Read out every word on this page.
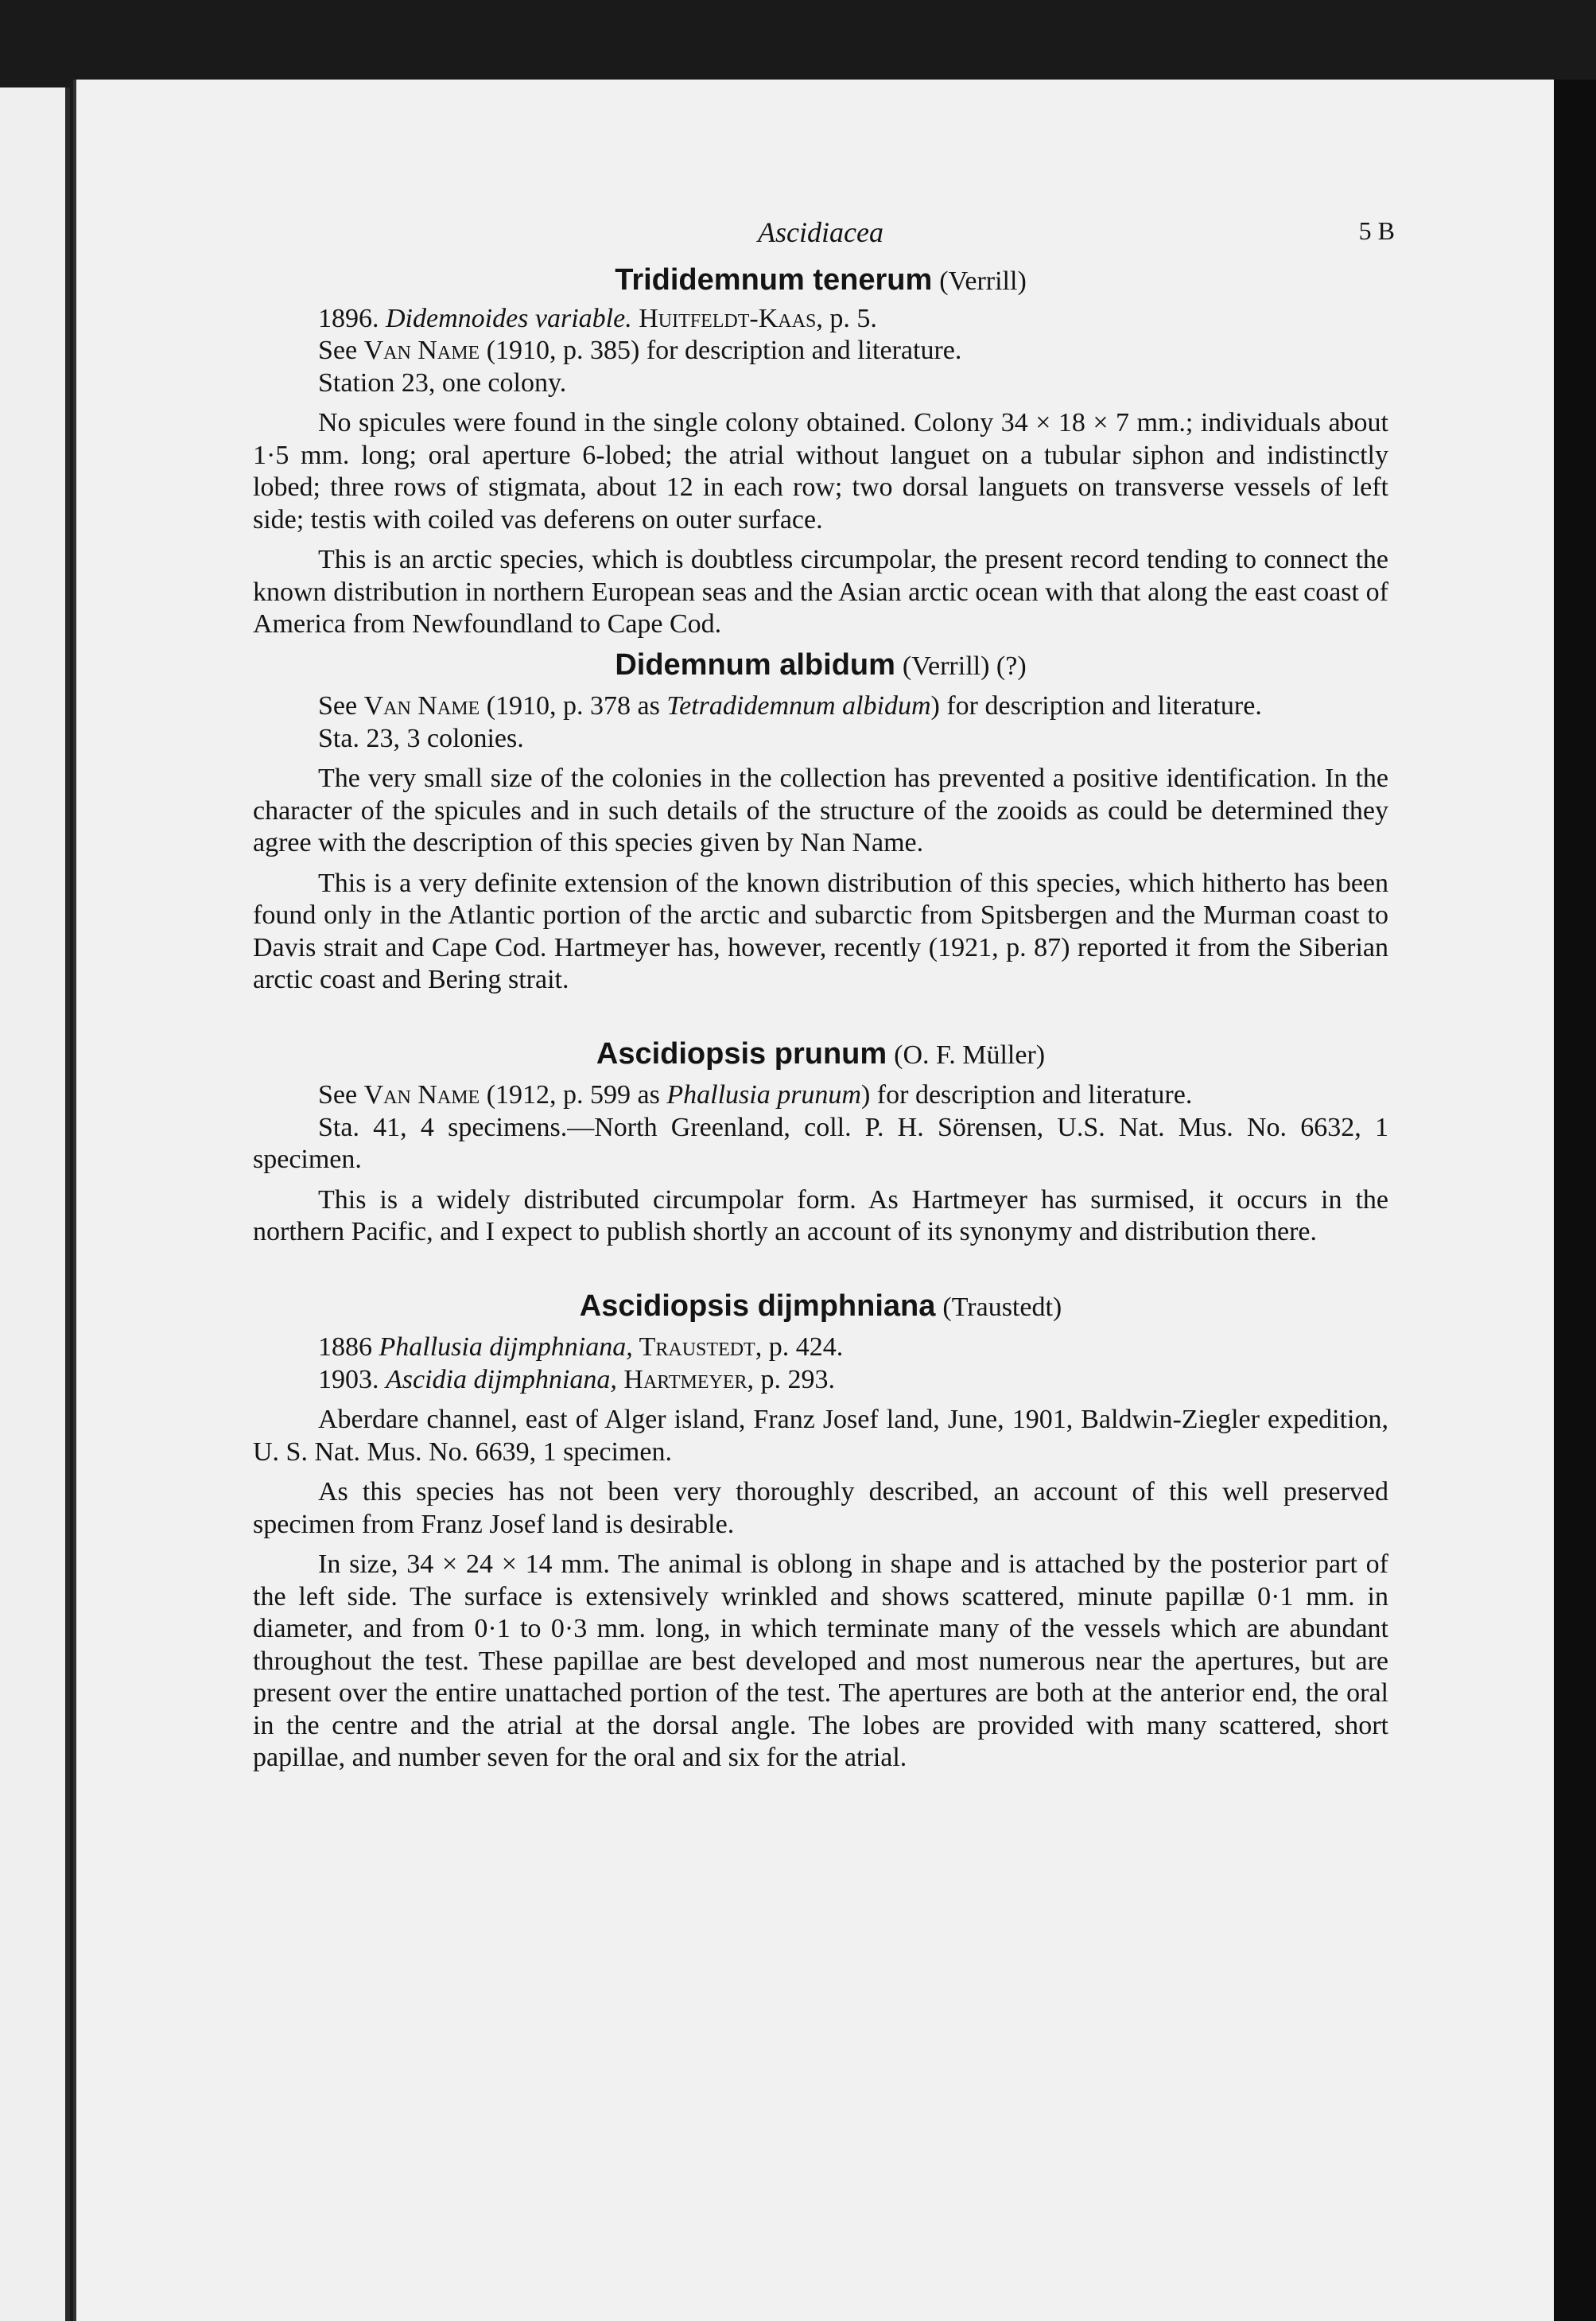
Ascidiacea	5 B
Trididemnum tenerum (Verrill)

1896. Didemnoides variable. Huitfeldt-Kaas, p. 5.

See Van Name (1910, p. 385) for description and literature.

Station 23, one colony.

No spicules were found in the single colony obtained. Colony 34 × 18 × 7 mm.; individuals about 1·5 mm. long; oral aperture 6-lobed; the atrial without languet on a tubular siphon and indistinctly lobed; three rows of stigmata, about 12 in each row; two dorsal languets on transverse vessels of left side; testis with coiled vas deferens on outer surface.

This is an arctic species, which is doubtless circumpolar, the present record tending to connect the known distribution in northern European seas and the Asian arctic ocean with that along the east coast of America from Newfoundland to Cape Cod.

Didemnum albidum (Verrill) (?)

See Van Name (1910, p. 378 as Tetradidemnum albidum) for description and literature.

Sta. 23, 3 colonies.

The very small size of the colonies in the collection has prevented a positive identification. In the character of the spicules and in such details of the structure of the zooids as could be determined they agree with the description of this species given by Nan Name.

This is a very definite extension of the known distribution of this species, which hitherto has been found only in the Atlantic portion of the arctic and subarctic from Spitsbergen and the Murman coast to Davis strait and Cape Cod. Hartmeyer has, however, recently (1921, p. 87) reported it from the Siberian arctic coast and Bering strait.

Ascidiopsis prunum (O. F. Müller)

See Van Name (1912, p. 599 as Phallusia prunum) for description and literature.

Sta. 41, 4 specimens.—North Greenland, coll. P. H. Sörensen, U.S. Nat. Mus. No. 6632, 1 specimen.

This is a widely distributed circumpolar form. As Hartmeyer has surmised, it occurs in the northern Pacific, and I expect to publish shortly an account of its synonymy and distribution there.

Ascidiopsis dijmphniana (Traustedt)

1886 Phallusia dijmphniana, Traustedt, p. 424.

1903. Ascidia dijmphniana, Hartmeyer, p. 293.

Aberdare channel, east of Alger island, Franz Josef land, June, 1901, Baldwin-Ziegler expedition, U. S. Nat. Mus. No. 6639, 1 specimen.

As this species has not been very thoroughly described, an account of this well preserved specimen from Franz Josef land is desirable.

In size, 34 × 24 × 14 mm. The animal is oblong in shape and is attached by the posterior part of the left side. The surface is extensively wrinkled and shows scattered, minute papillæ 0·1 mm. in diameter, and from 0·1 to 0·3 mm. long, in which terminate many of the vessels which are abundant throughout the test. These papillae are best developed and most numerous near the apertures, but are present over the entire unattached portion of the test. The apertures are both at the anterior end, the oral in the centre and the atrial at the dorsal angle. The lobes are provided with many scattered, short papillae, and number seven for the oral and six for the atrial.
